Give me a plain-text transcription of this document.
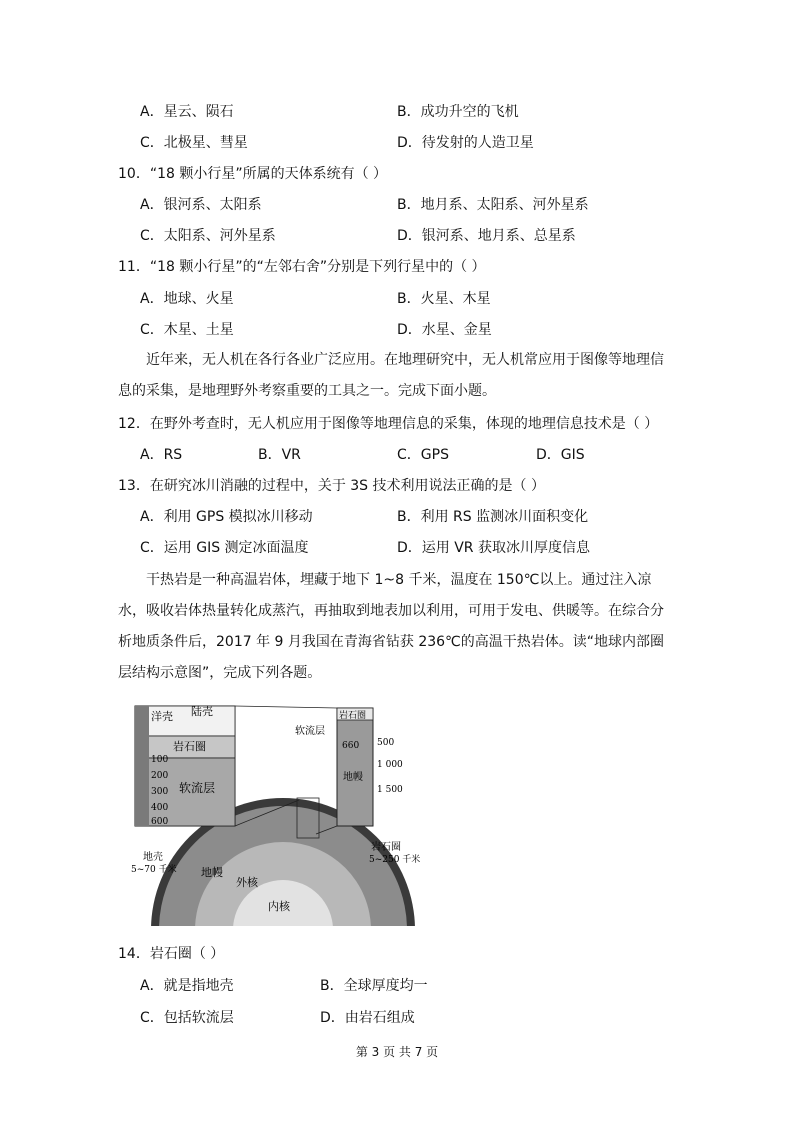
A．星云、陨石	B．成功升空的飞机
C．北极星、彗星	D．待发射的人造卫星
10．“18 颗小行星”所属的天体系统有（ ）
A．银河系、太阳系	B．地月系、太阳系、河外星系
C．太阳系、河外星系	D．银河系、地月系、总星系
11．“18 颗小行星”的“左邻右舍”分别是下列行星中的（ ）
A．地球、火星	B．火星、木星
C．木星、土星	D．水星、金星
近年来，无人机在各行各业广泛应用。在地理研究中，无人机常应用于图像等地理信息的采集，是地理野外考察重要的工具之一。完成下面小题。
12．在野外考查时，无人机应用于图像等地理信息的采集，体现的地理信息技术是（ ）
A．RS	B．VR	C．GPS	D．GIS
13．在研究冰川消融的过程中，关于 3S 技术利用说法正确的是（ ）
A．利用 GPS 模拟冰川移动	B．利用 RS 监测冰川面积变化
C．运用 GIS 测定冰面温度	D．运用 VR 获取冰川厚度信息
干热岩是一种高温岩体，埋藏于地下 1~8 千米，温度在 150℃以上。通过注入凉水，吸收岩体热量转化成蒸汽，再抽取到地表加以利用，可用于发电、供暖等。在综合分析地质条件后，2017 年 9 月我国在青海省钻获 236℃的高温干热岩体。读“地球内部圈层结构示意图”，完成下列各题。
洋壳 陆壳
岩石圈
软流层
100
200
300
400
600
岩石圈
软流层
660
地幔
500
1 000
1 500
地壳
5~70 千米 地幔
外核
内核
岩石圈
5~250 千米
14．岩石圈（ ）
A．就是指地壳	B．全球厚度均一
C．包括软流层	D．由岩石组成
第 3 页 共 7 页
